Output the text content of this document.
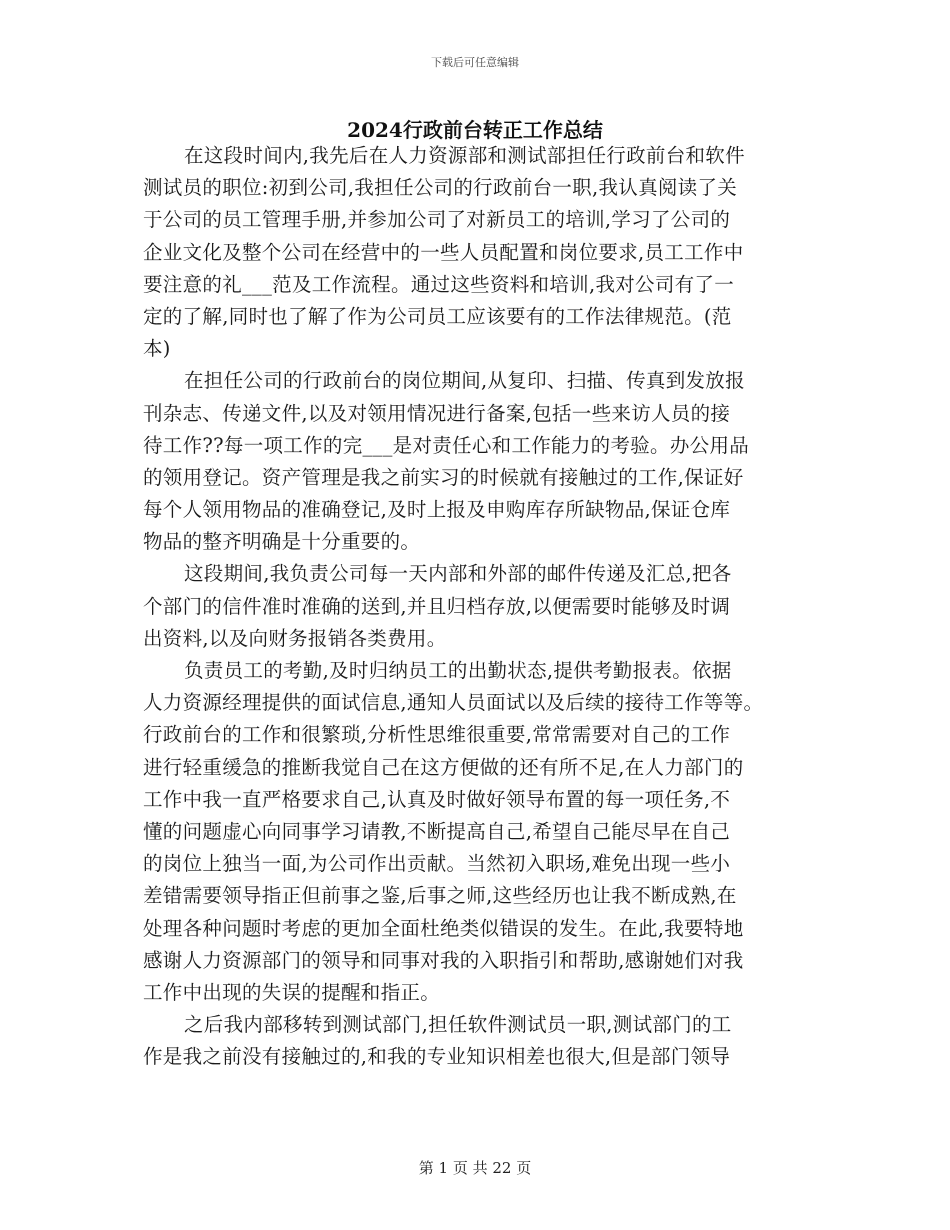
下载后可任意编辑
2024行政前台转正工作总结
在这段时间内,我先后在人力资源部和测试部担任行政前台和软件
测试员的职位:初到公司,我担任公司的行政前台一职,我认真阅读了关
于公司的员工管理手册,并参加公司了对新员工的培训,学习了公司的
企业文化及整个公司在经营中的一些人员配置和岗位要求,员工工作中
要注意的礼___范及工作流程。通过这些资料和培训,我对公司有了一
定的了解,同时也了解了作为公司员工应该要有的工作法律规范。(范
本)
在担任公司的行政前台的岗位期间,从复印、扫描、传真到发放报
刊杂志、传递文件,以及对领用情况进行备案,包括一些来访人员的接
待工作??每一项工作的完___是对责任心和工作能力的考验。办公用品
的领用登记。资产管理是我之前实习的时候就有接触过的工作,保证好
每个人领用物品的准确登记,及时上报及申购库存所缺物品,保证仓库
物品的整齐明确是十分重要的。
这段期间,我负责公司每一天内部和外部的邮件传递及汇总,把各
个部门的信件准时准确的送到,并且归档存放,以便需要时能够及时调
出资料,以及向财务报销各类费用。
负责员工的考勤,及时归纳员工的出勤状态,提供考勤报表。依据
人力资源经理提供的面试信息,通知人员面试以及后续的接待工作等等。
行政前台的工作和很繁琐,分析性思维很重要,常常需要对自己的工作
进行轻重缓急的推断我觉自己在这方便做的还有所不足,在人力部门的
工作中我一直严格要求自己,认真及时做好领导布置的每一项任务,不
懂的问题虚心向同事学习请教,不断提高自己,希望自己能尽早在自己
的岗位上独当一面,为公司作出贡献。当然初入职场,难免出现一些小
差错需要领导指正但前事之鉴,后事之师,这些经历也让我不断成熟,在
处理各种问题时考虑的更加全面杜绝类似错误的发生。在此,我要特地
感谢人力资源部门的领导和同事对我的入职指引和帮助,感谢她们对我
工作中出现的失误的提醒和指正。
之后我内部移转到测试部门,担任软件测试员一职,测试部门的工
作是我之前没有接触过的,和我的专业知识相差也很大,但是部门领导
第 1 页 共 22 页
